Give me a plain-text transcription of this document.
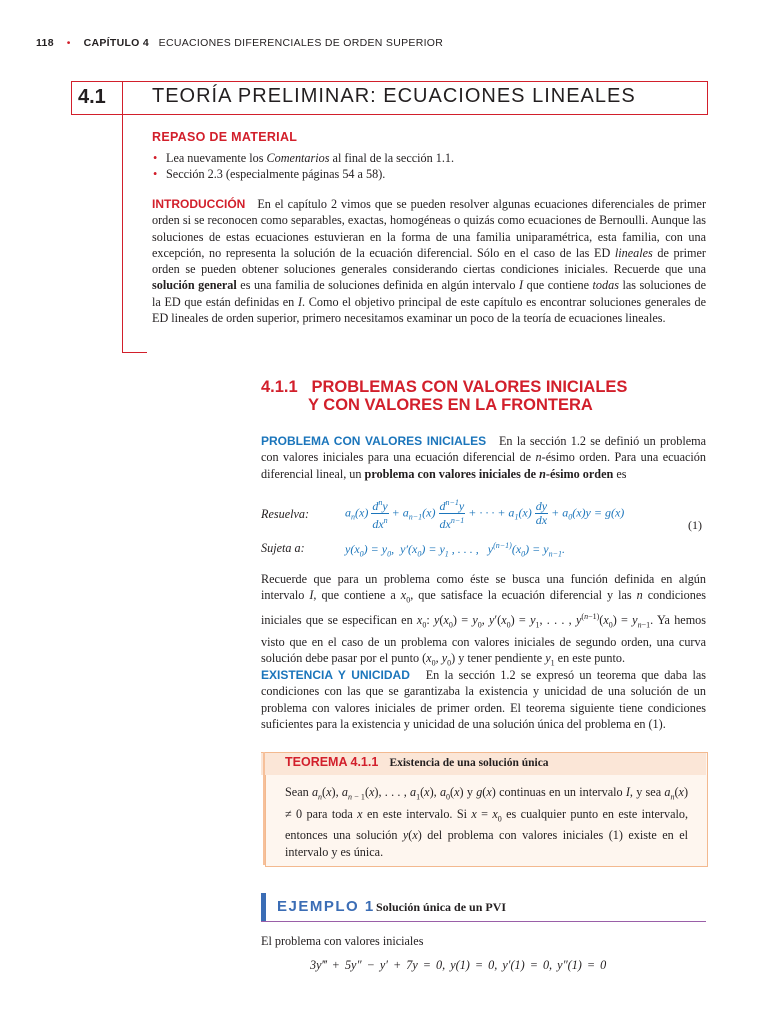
118 • CAPÍTULO 4 ECUACIONES DIFERENCIALES DE ORDEN SUPERIOR
4.1 TEORÍA PRELIMINAR: ECUACIONES LINEALES
REPASO DE MATERIAL
• Lea nuevamente los Comentarios al final de la sección 1.1.
• Sección 2.3 (especialmente páginas 54 a 58).
INTRODUCCIÓN En el capítulo 2 vimos que se pueden resolver algunas ecuaciones diferenciales de primer orden si se reconocen como separables, exactas, homogéneas o quizás como ecuaciones de Bernoulli. Aunque las soluciones de estas ecuaciones estuvieran en la forma de una familia uniparamétrica, esta familia, con una excepción, no representa la solución de la ecuación diferencial. Sólo en el caso de las ED lineales de primer orden se pueden obtener soluciones generales considerando ciertas condiciones iniciales. Recuerde que una solución general es una familia de soluciones definida en algún intervalo I que contiene todas las soluciones de la ED que están definidas en I. Como el objetivo principal de este capítulo es encontrar soluciones generales de ED lineales de orden superior, primero necesitamos examinar un poco de la teoría de ecuaciones lineales.
4.1.1 PROBLEMAS CON VALORES INICIALES
Y CON VALORES EN LA FRONTERA
PROBLEMA CON VALORES INICIALES En la sección 1.2 se definió un problema con valores iniciales para una ecuación diferencial de n-ésimo orden. Para una ecuación diferencial lineal, un problema con valores iniciales de n-ésimo orden es
Resuelva:	$a_n(x) \frac{d^ny}{dx^n} + a_{n-1}(x) \frac{d^{n-1}y}{dx^{n-1}}$ + · · · + $a_1(x) \frac{dy}{dx} + a_0(x)y = g(x)$
(1)
Sujeta a:	$y(x_0) = y_0$,  $y'(x_0) = y_1$ , . . . ,   $y^{(n-1)}(x_0) = y_{n-1}$.
Recuerde que para un problema como éste se busca una función definida en algún intervalo I, que contiene a $x_0$, que satisface la ecuación diferencial y las n condiciones iniciales que se especifican en $x_0$: $y(x_0) = y_0$, $y'(x_0) = y_1$, . . . , $y^{(n-1)}(x_0) = y_{n-1}$. Ya hemos visto que en el caso de un problema con valores iniciales de segundo orden, una curva solución debe pasar por el punto ($x_0$, $y_0$) y tener pendiente $y_1$ en este punto.
EXISTENCIA Y UNICIDAD En la sección 1.2 se expresó un teorema que daba las condiciones con las que se garantizaba la existencia y unicidad de una solución de un problema con valores iniciales de primer orden. El teorema siguiente tiene condiciones suficientes para la existencia y unicidad de una solución única del problema en (1).
TEOREMA 4.1.1 Existencia de una solución única
Sean $a_n(x)$, $a_{n - 1}(x)$, . . . , $a_1(x)$, $a_0(x)$ y g(x) continuas en un intervalo I, y sea $a_n(x) \ne 0$ para toda x en este intervalo. Si $x = x_0$ es cualquier punto en este intervalo, entonces una solución y(x) del problema con valores iniciales (1) existe en el intervalo y es única.
EJEMPLO 1 Solución única de un PVI
El problema con valores iniciales
3y‴ + 5y″ − y′ + 7y = 0, y(1) = 0, y′(1) = 0, y″(1) = 0
